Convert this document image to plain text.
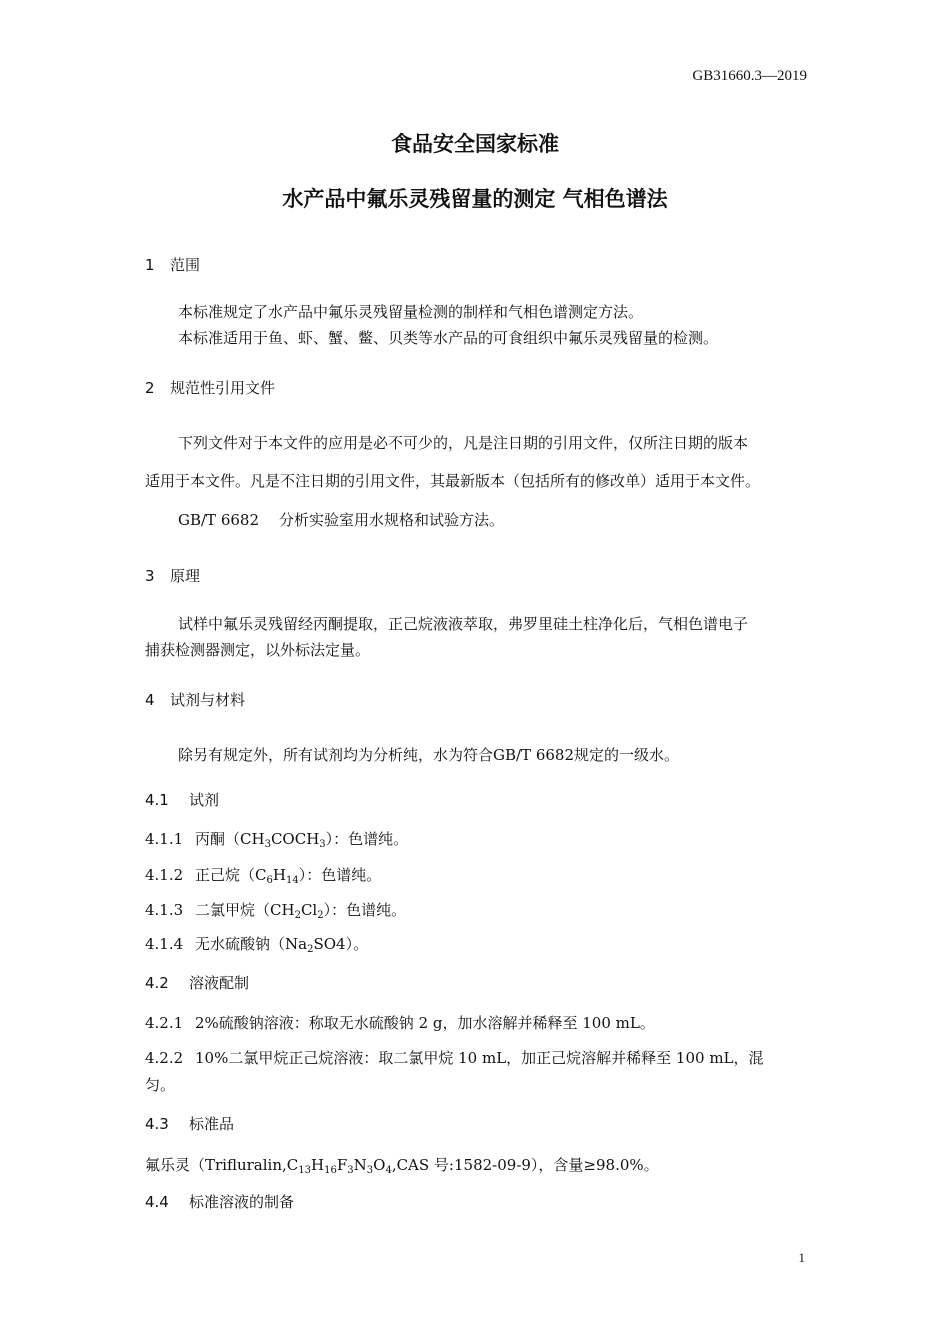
GB31660.3—2019
食品安全国家标准
水产品中氟乐灵残留量的测定 气相色谱法
1 范围
本标准规定了水产品中氟乐灵残留量检测的制样和气相色谱测定方法。
本标准适用于鱼、虾、蟹、鳖、贝类等水产品的可食组织中氟乐灵残留量的检测。
2 规范性引用文件
下列文件对于本文件的应用是必不可少的，凡是注日期的引用文件，仅所注日期的版本
适用于本文件。凡是不注日期的引用文件，其最新版本（包括所有的修改单）适用于本文件。
GB/T 6682 分析实验室用水规格和试验方法。
3 原理
试样中氟乐灵残留经丙酮提取，正己烷液液萃取，弗罗里硅土柱净化后，气相色谱电子
捕获检测器测定，以外标法定量。
4 试剂与材料
除另有规定外，所有试剂均为分析纯，水为符合GB/T 6682规定的一级水。
4.1 试剂
4.1.1 丙酮$(CH_3COCH_3)$：色谱纯。
4.1.2 正己烷$(C_6H_{14})$：色谱纯。
4.1.3 二氯甲烷$(CH_2Cl_2)$：色谱纯。
4.1.4 无水硫酸钠$(Na_2SO4)$。
4.2 溶液配制
4.2.1 2%硫酸钠溶液：称取无水硫酸钠 2 g，加水溶解并稀释至 100 mL。
4.2.2 10%二氯甲烷正己烷溶液：取二氯甲烷 10 mL，加正己烷溶解并稀释至 100 mL，混
匀。
4.3 标准品
氟乐灵（$Trifluralin,C_{13}H_{16}F_3N_3O_4,CAS$ 号:1582-09-9），含量≥98.0%。
4.4 标准溶液的制备
1
